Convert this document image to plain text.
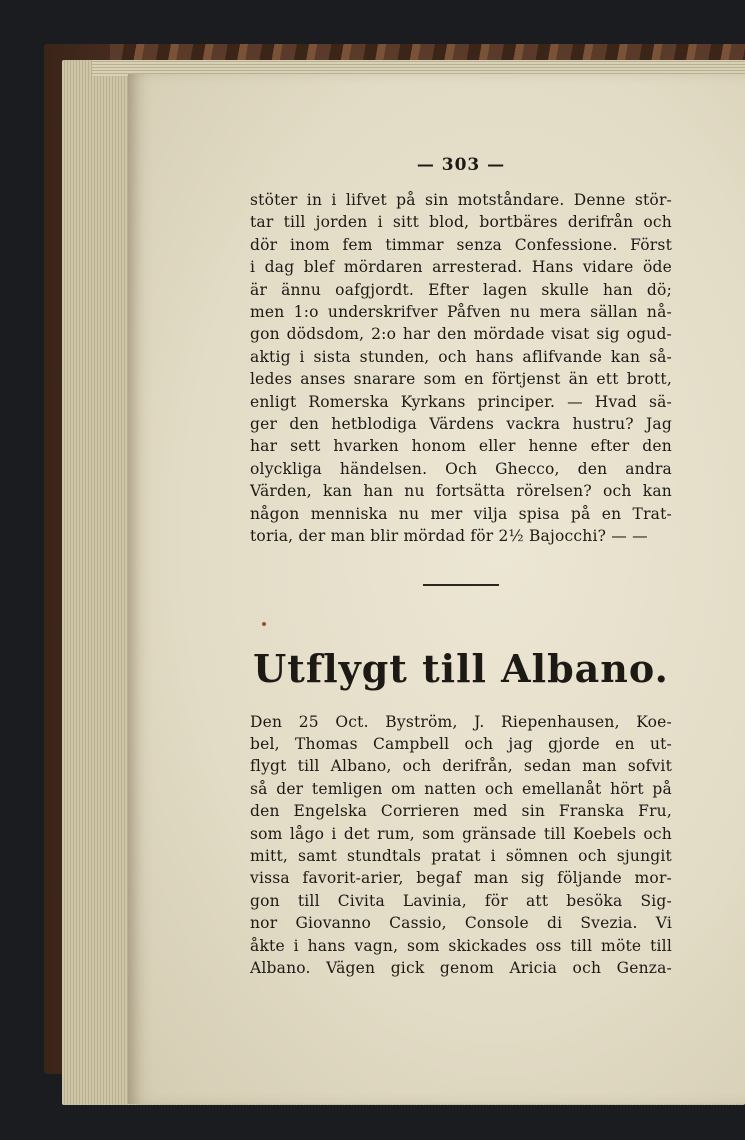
— 303 —
stöter in i lifvet på sin motståndare. Denne stör-
tar till jorden i sitt blod, bortbäres derifrån och
dör inom fem timmar senza Confessione. Först
i dag blef mördaren arresterad. Hans vidare öde
är ännu oafgjordt. Efter lagen skulle han dö;
men 1:o underskrifver Påfven nu mera sällan nå-
gon dödsdom, 2:o har den mördade visat sig ogud-
aktig i sista stunden, och hans aflifvande kan så-
ledes anses snarare som en förtjenst än ett brott,
enligt Romerska Kyrkans principer. — Hvad sä-
ger den hetblodiga Värdens vackra hustru? Jag
har sett hvarken honom eller henne efter den
olyckliga händelsen. Och Ghecco, den andra
Värden, kan han nu fortsätta rörelsen? och kan
någon menniska nu mer vilja spisa på en Trat-
toria, der man blir mördad för 2½ Bajocchi? — —
Utflygt till Albano.
Den 25 Oct. Byström, J. Riepenhausen, Koe-
bel, Thomas Campbell och jag gjorde en ut-
flygt till Albano, och derifrån, sedan man sofvit
så der temligen om natten och emellanåt hört på
den Engelska Corrieren med sin Franska Fru,
som lågo i det rum, som gränsade till Koebels och
mitt, samt stundtals pratat i sömnen och sjungit
vissa favorit-arier, begaf man sig följande mor-
gon till Civita Lavinia, för att besöka Sig-
nor Giovanno Cassio, Console di Svezia. Vi
åkte i hans vagn, som skickades oss till möte till
Albano. Vägen gick genom Aricia och Genza-
